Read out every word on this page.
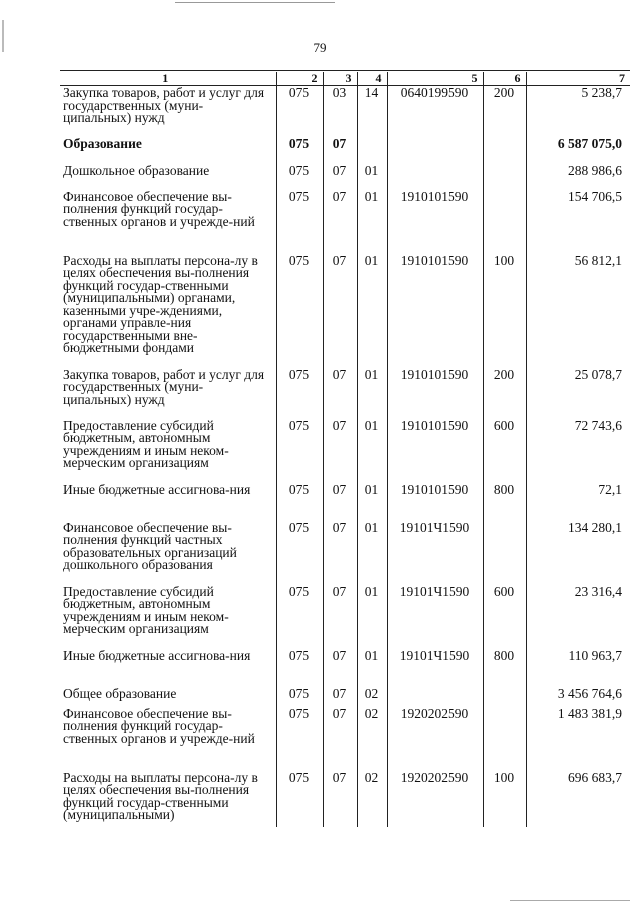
79
1	2	3	4	5	6	7
Закупка товаров, работ и услуг для государственных (муни-ципальных) нужд	075	03	14	0640199590	200	5 238,7
Образование	075	07				6 587 075,0
Дошкольное образование	075	07	01			288 986,6
Финансовое обеспечение вы-полнения функций государ-ственных органов и учрежде-ний	075	07	01	1910101590		154 706,5
Расходы на выплаты персона-лу в целях обеспечения вы-полнения функций государ-ственными (муниципальными) органами, казенными учре-ждениями, органами управле-ния государственными вне-бюджетными фондами	075	07	01	1910101590	100	56 812,1
Закупка товаров, работ и услуг для государственных (муни-ципальных) нужд	075	07	01	1910101590	200	25 078,7
Предоставление субсидий бюджетным, автономным учреждениям и иным неком-мерческим организациям	075	07	01	1910101590	600	72 743,6
Иные бюджетные ассигнова-ния	075	07	01	1910101590	800	72,1
Финансовое обеспечение вы-полнения функций частных образовательных организаций дошкольного образования	075	07	01	19101Ч1590		134 280,1
Предоставление субсидий бюджетным, автономным учреждениям и иным неком-мерческим организациям	075	07	01	19101Ч1590	600	23 316,4
Иные бюджетные ассигнова-ния	075	07	01	19101Ч1590	800	110 963,7
Общее образование	075	07	02			3 456 764,6
Финансовое обеспечение вы-полнения функций государ-ственных органов и учрежде-ний	075	07	02	1920202590		1 483 381,9
Расходы на выплаты персона-лу в целях обеспечения вы-полнения функций государ-ственными (муниципальными)	075	07	02	1920202590	100	696 683,7
